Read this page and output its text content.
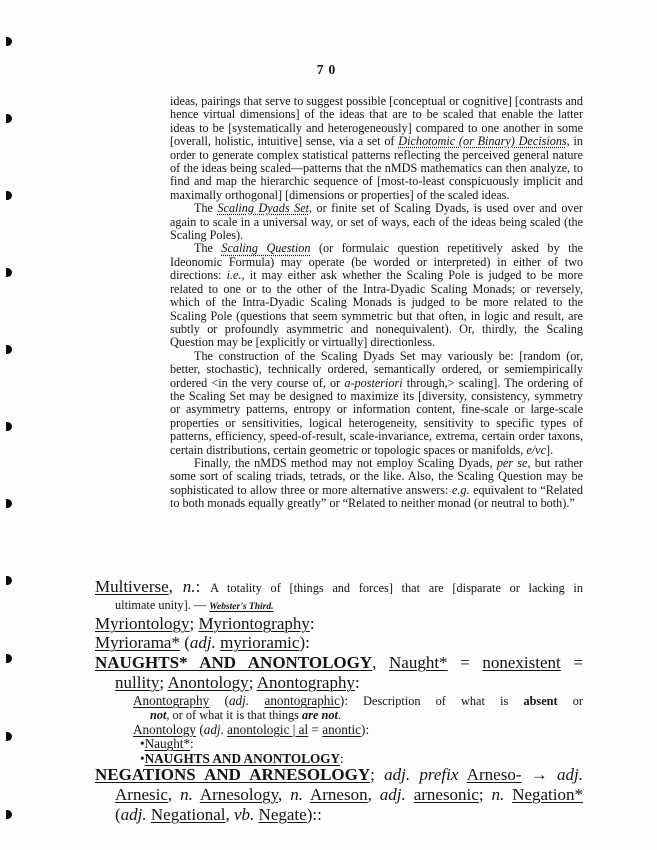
70

ideas, pairings that serve to suggest possible [conceptual or cognitive] [contrasts and hence virtual dimensions] of the ideas that are to be scaled that enable the latter ideas to be [systematically and heterogeneously] compared to one another in some [overall, holistic, intuitive] sense, via a set of Dichotomic (or Binary) Decisions, in order to generate complex statistical patterns reflecting the perceived general nature of the ideas being scaled—patterns that the nMDS mathematics can then analyze, to find and map the hierarchic sequence of [most-to-least conspicuously implicit and maximally orthogonal] [dimensions or properties] of the scaled ideas.

The Scaling Dyads Set, or finite set of Scaling Dyads, is used over and over again to scale in a universal way, or set of ways, each of the ideas being scaled (the Scaling Poles).

The Scaling Question (or formulaic question repetitively asked by the Ideonomic Formula) may operate (be worded or interpreted) in either of two directions: i.e., it may either ask whether the Scaling Pole is judged to be more related to one or to the other of the Intra-Dyadic Scaling Monads; or reversely, which of the Intra-Dyadic Scaling Monads is judged to be more related to the Scaling Pole (questions that seem symmetric but that often, in logic and result, are subtly or profoundly asymmetric and nonequivalent). Or, thirdly, the Scaling Question may be [explicitly or virtually] directionless.

The construction of the Scaling Dyads Set may variously be: [random (or, better, stochastic), technically ordered, semantically ordered, or semiempirically ordered <in the very course of, or a-posteriori through,> scaling]. The ordering of the Scaling Set may be designed to maximize its [diversity, consistency, symmetry or asymmetry patterns, entropy or information content, fine-scale or large-scale properties or sensitivities, logical heterogeneity, sensitivity to specific types of patterns, efficiency, speed-of-result, scale-invariance, extrema, certain order taxons, certain distributions, certain geometric or topologic spaces or manifolds, e/vc].

Finally, the nMDS method may not employ Scaling Dyads, per se, but rather some sort of scaling triads, tetrads, or the like. Also, the Scaling Question may be sophisticated to allow three or more alternative answers: e.g. equivalent to “Related to both monads equally greatly” or “Related to neither monad (or neutral to both).”

Multiverse, n.: A totality of [things and forces] that are [disparate or lacking in
ultimate unity]. — Webster's Third.
Myriontology; Myriontography:
Myriorama* (adj. myrioramic):
NAUGHTS* AND ANONTOLOGY, Naught* = nonexistent =
nullity; Anontology; Anontography:
Anontography (adj. anontographic): Description of what is absent or
not, or of what it is that things are not.
Anontology (adj. anontologic | al = anontic):
•Naught*:
•NAUGHTS AND ANONTOLOGY:
NEGATIONS AND ARNESOLOGY; adj. prefix Arneso- → adj.
Arnesic, n. Arnesology, n. Arneson, adj. arnesonic; n. Negation*
(adj. Negational, vb. Negate)::
